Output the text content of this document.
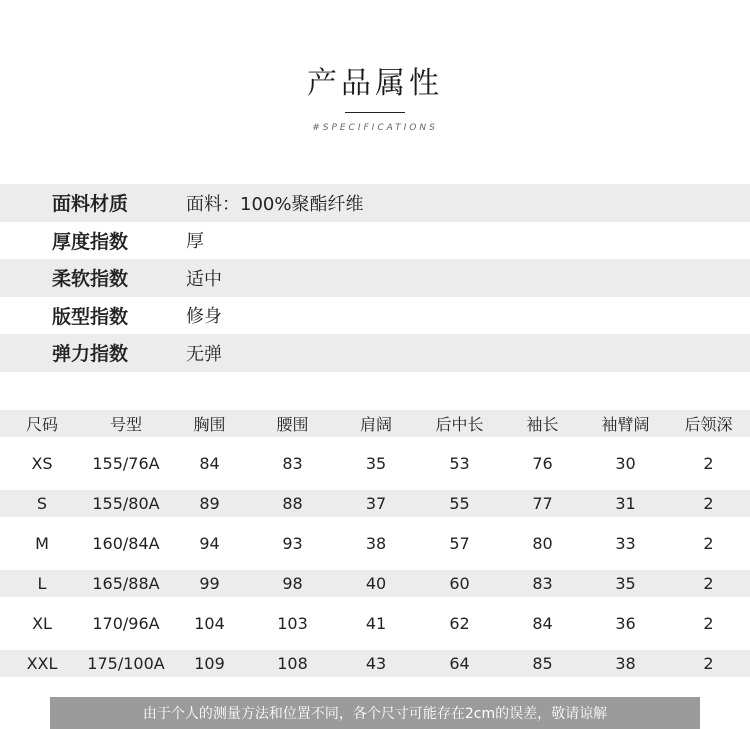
产品属性
#SPECIFICATIONS
面料材质	面料：100%聚酯纤维
厚度指数	厚
柔软指数	适中
版型指数	修身
弹力指数	无弹
尺码	号型	胸围	腰围	肩阔	后中长	袖长	袖臂阔	后领深
XS	155/76A	84	83	35	53	76	30	2
S	155/80A	89	88	37	55	77	31	2
M	160/84A	94	93	38	57	80	33	2
L	165/88A	99	98	40	60	83	35	2
XL	170/96A	104	103	41	62	84	36	2
XXL	175/100A	109	108	43	64	85	38	2
由于个人的测量方法和位置不同，各个尺寸可能存在2cm的误差，敬请谅解
